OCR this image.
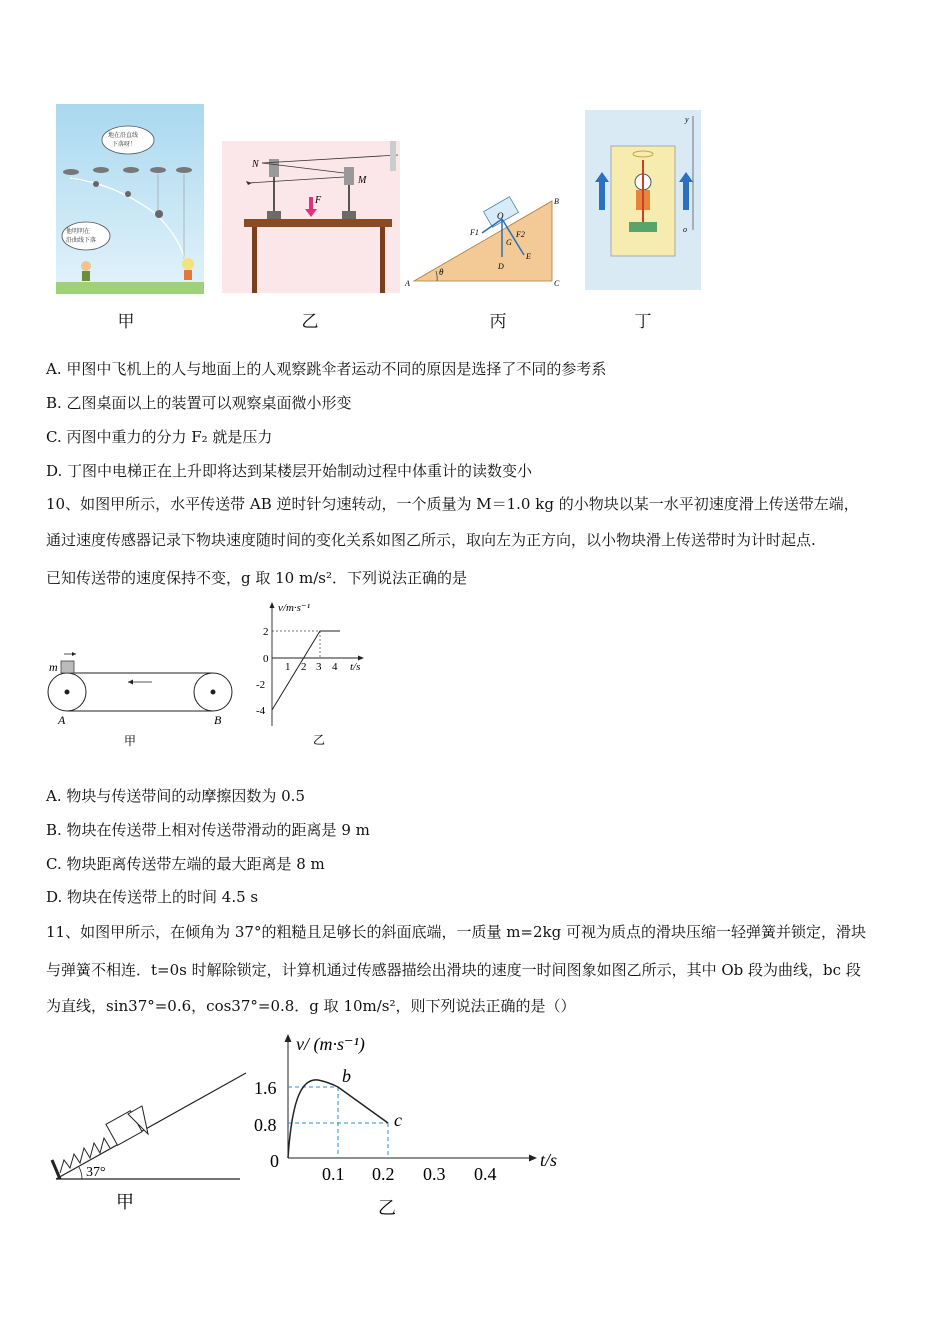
地在沿直线
下落呀！
他明明在
沿曲线下落
甲
N
M
F
乙
θ
O
B
A	C
D
E
G
F1	F2
丙
y
o
丁
A. 甲图中飞机上的人与地面上的人观察跳伞者运动不同的原因是选择了不同的参考系
B. 乙图桌面以上的装置可以观察桌面微小形变
C. 丙图中重力的分力 F₂ 就是压力
D. 丁图中电梯正在上升即将达到某楼层开始制动过程中体重计的读数变小
10、如图甲所示，水平传送带 AB 逆时针匀速转动，一个质量为 M＝1.0 kg 的小物块以某一水平初速度滑上传送带左端，
通过速度传感器记录下物块速度随时间的变化关系如图乙所示，取向左为正方向，以小物块滑上传送带时为计时起点.
已知传送带的速度保持不变，g 取 10 m/s²．下列说法正确的是
m
A	B
甲
v/m·s⁻¹
t/s
2
0
-2
-4
1 2 3 4
乙
A. 物块与传送带间的动摩擦因数为 0.5
B. 物块在传送带上相对传送带滑动的距离是 9 m
C. 物块距离传送带左端的最大距离是 8 m
D. 物块在传送带上的时间 4.5 s
11、如图甲所示，在倾角为 37°的粗糙且足够长的斜面底端，一质量 m=2kg 可视为质点的滑块压缩一轻弹簧并锁定，滑块
与弹簧不相连．t=0s 时解除锁定，计算机通过传感器描绘出滑块的速度一时间图象如图乙所示，其中 Ob 段为曲线，bc 段
为直线，sin37°=0.6，cos37°=0.8．g 取 10m/s²，则下列说法正确的是（）
37°
甲
v/ (m·s⁻¹)
t/s
1.6
0.8
0
0.1 0.2 0.3 0.4
b
c
乙
